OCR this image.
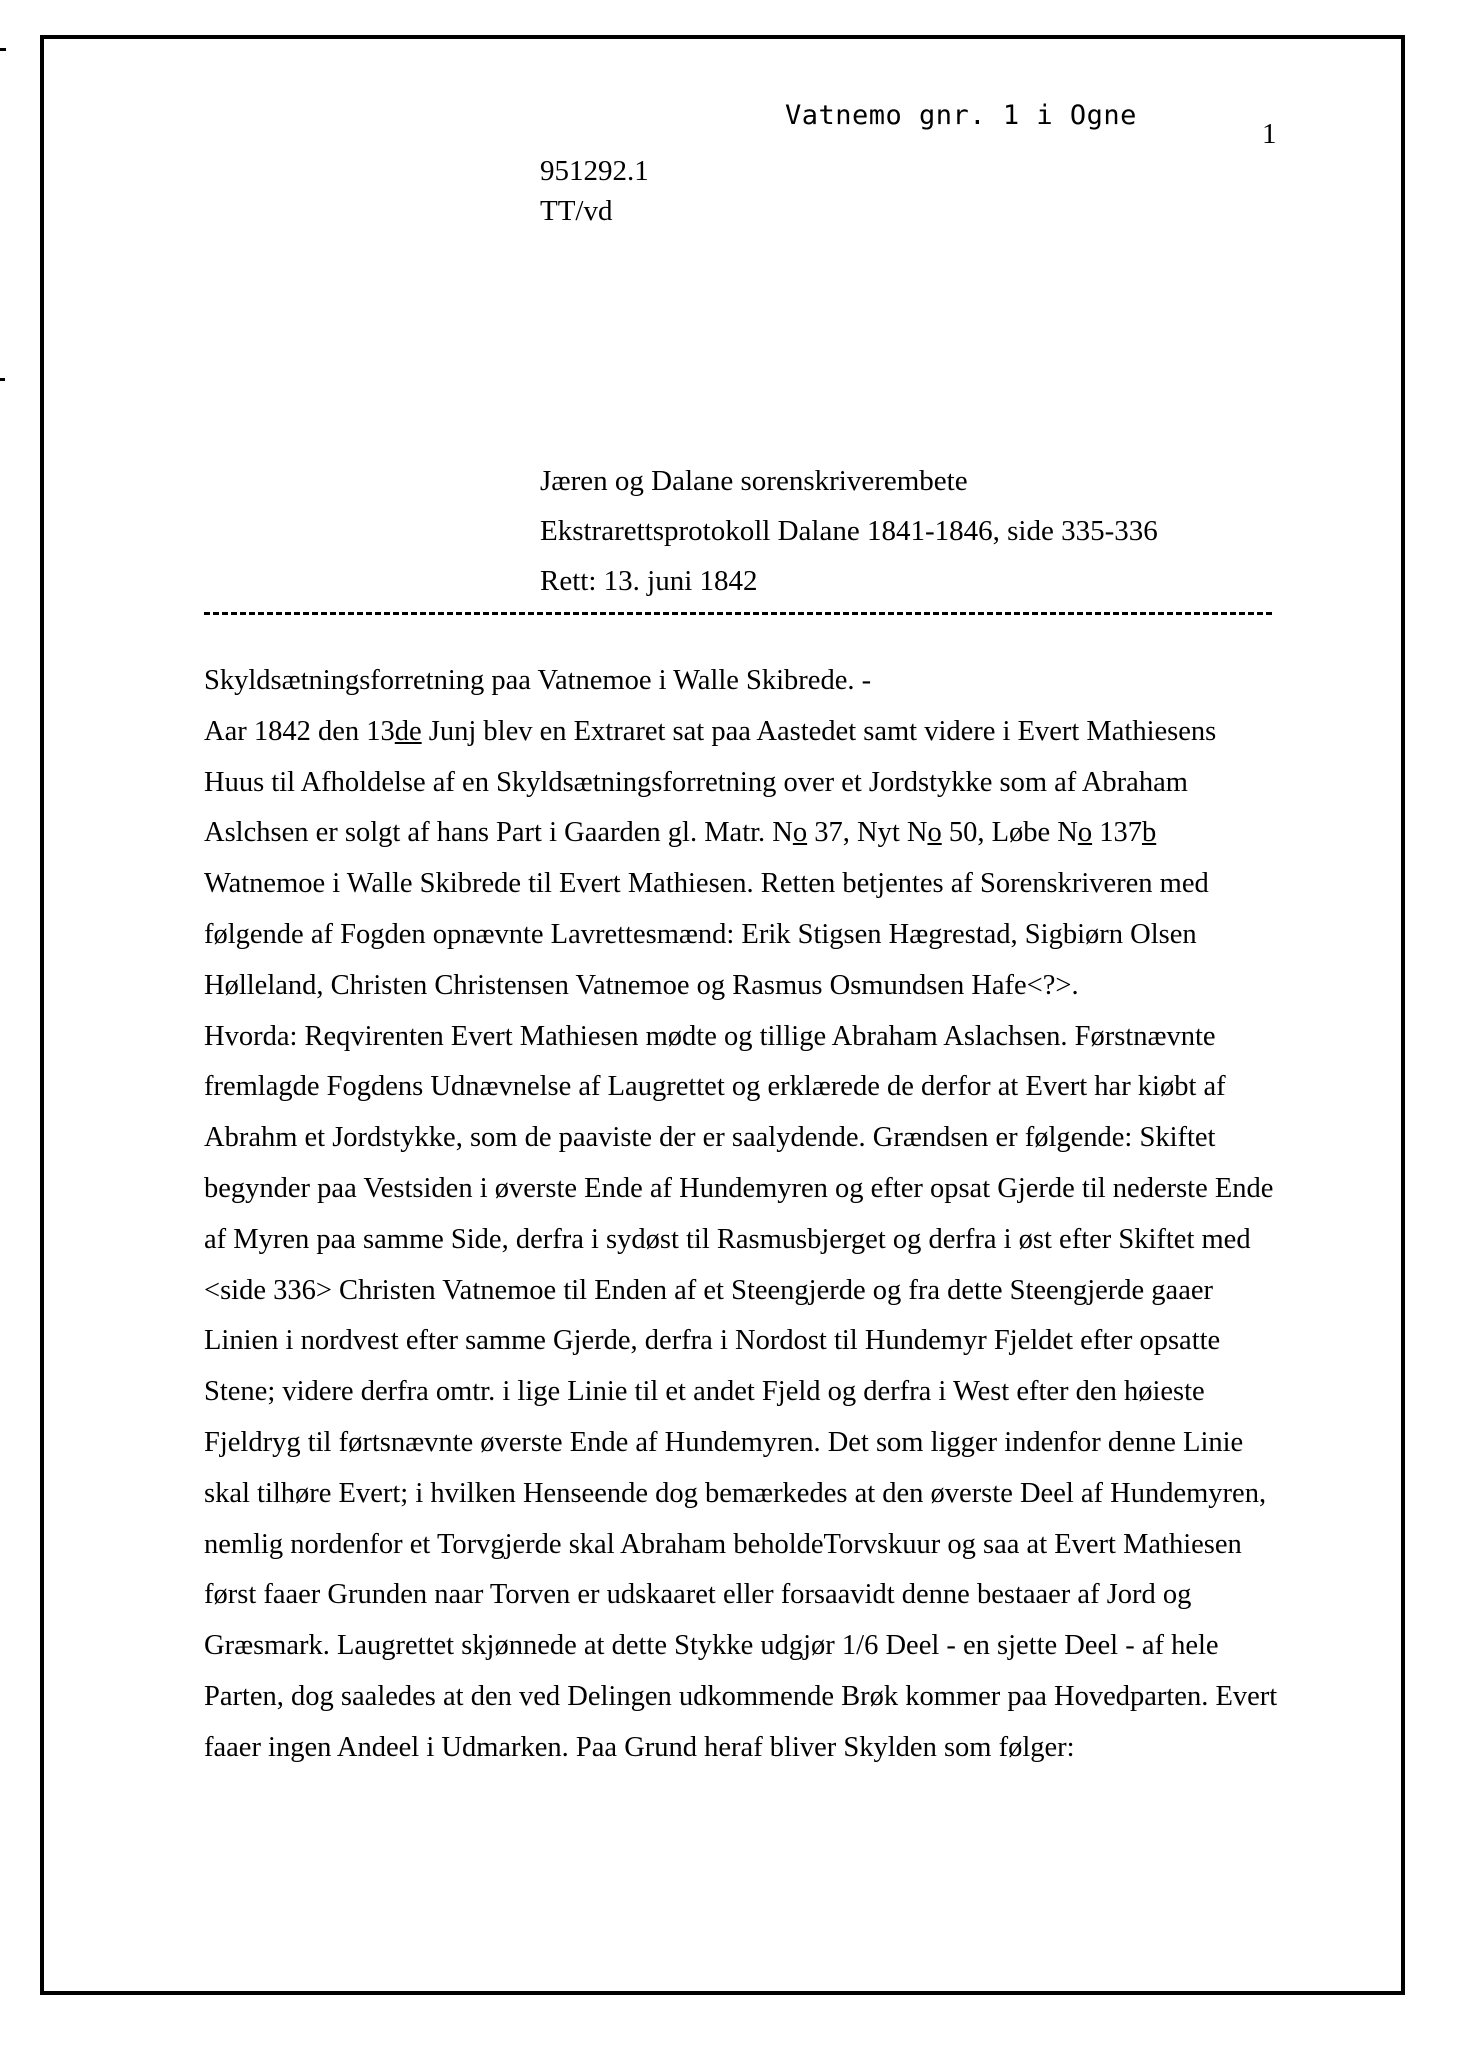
Vatnemo gnr. 1 i Ogne
1
951292.1
TT/vd
Jæren og Dalane sorenskriverembete
Ekstrarettsprotokoll Dalane 1841-1846, side 335-336
Rett: 13. juni 1842
Skyldsætningsforretning paa Vatnemoe i Walle Skibrede. -
Aar 1842 den 13de Junj blev en Extraret sat paa Aastedet samt videre i Evert Mathiesens
Huus til Afholdelse af en Skyldsætningsforretning over et Jordstykke som af Abraham
Aslchsen er solgt af hans Part i Gaarden gl. Matr. No 37, Nyt No 50, Løbe No 137b
Watnemoe i Walle Skibrede til Evert Mathiesen. Retten betjentes af Sorenskriveren med
følgende af Fogden opnævnte Lavrettesmænd: Erik Stigsen Hægrestad, Sigbiørn Olsen
Hølleland, Christen Christensen Vatnemoe og Rasmus Osmundsen Hafe<?>.
Hvorda: Reqvirenten Evert Mathiesen mødte og tillige Abraham Aslachsen. Førstnævnte
fremlagde Fogdens Udnævnelse af Laugrettet og erklærede de derfor at Evert har kiøbt af
Abrahm et Jordstykke, som de paaviste der er saalydende. Grændsen er følgende: Skiftet
begynder paa Vestsiden i øverste Ende af Hundemyren og efter opsat Gjerde til nederste Ende
af Myren paa samme Side, derfra i sydøst til Rasmusbjerget og derfra i øst efter Skiftet med
<side 336> Christen Vatnemoe til Enden af et Steengjerde og fra dette Steengjerde gaaer
Linien i nordvest efter samme Gjerde, derfra i Nordost til Hundemyr Fjeldet efter opsatte
Stene; videre derfra omtr. i lige Linie til et andet Fjeld og derfra i West efter den høieste
Fjeldryg til førtsnævnte øverste Ende af Hundemyren. Det som ligger indenfor denne Linie
skal tilhøre Evert; i hvilken Henseende dog bemærkedes at den øverste Deel af Hundemyren,
nemlig nordenfor et Torvgjerde skal Abraham beholdeTorvskuur og saa at Evert Mathiesen
først faaer Grunden naar Torven er udskaaret eller forsaavidt denne bestaaer af Jord og
Græsmark. Laugrettet skjønnede at dette Stykke udgjør 1/6 Deel - en sjette Deel - af hele
Parten, dog saaledes at den ved Delingen udkommende Brøk kommer paa Hovedparten. Evert
faaer ingen Andeel i Udmarken. Paa Grund heraf bliver Skylden som følger:
